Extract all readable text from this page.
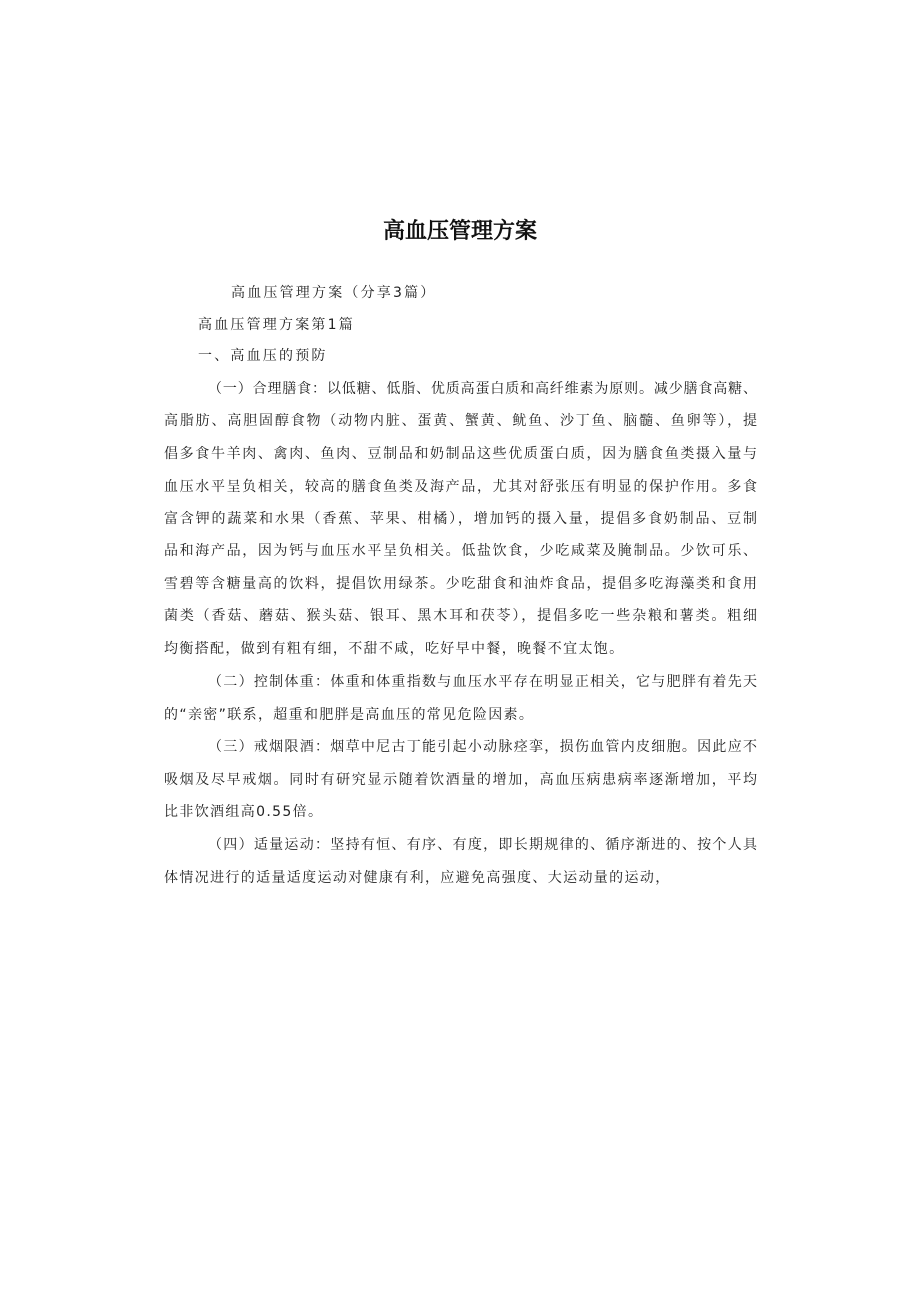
高血压管理方案
高血压管理方案（分享3篇）
高血压管理方案第1篇
一、高血压的预防
（一）合理膳食：以低糖、低脂、优质高蛋白质和高纤维素为原则。减少膳食高糖、
高脂肪、高胆固醇食物（动物内脏、蛋黄、蟹黄、鱿鱼、沙丁鱼、脑髓、鱼卵等），提
倡多食牛羊肉、禽肉、鱼肉、豆制品和奶制品这些优质蛋白质，因为膳食鱼类摄入量与
血压水平呈负相关，较高的膳食鱼类及海产品，尤其对舒张压有明显的保护作用。多食
富含钾的蔬菜和水果（香蕉、苹果、柑橘），增加钙的摄入量，提倡多食奶制品、豆制
品和海产品，因为钙与血压水平呈负相关。低盐饮食，少吃咸菜及腌制品。少饮可乐、
雪碧等含糖量高的饮料，提倡饮用绿茶。少吃甜食和油炸食品，提倡多吃海藻类和食用
菌类（香菇、蘑菇、猴头菇、银耳、黑木耳和茯苓），提倡多吃一些杂粮和薯类。粗细
均衡搭配，做到有粗有细，不甜不咸，吃好早中餐，晚餐不宜太饱。
（二）控制体重：体重和体重指数与血压水平存在明显正相关，它与肥胖有着先天
的“亲密”联系，超重和肥胖是高血压的常见危险因素。
（三）戒烟限酒：烟草中尼古丁能引起小动脉痉挛，损伤血管内皮细胞。因此应不
吸烟及尽早戒烟。同时有研究显示随着饮酒量的增加，高血压病患病率逐渐增加，平均
比非饮酒组高0.55倍。
（四）适量运动：坚持有恒、有序、有度，即长期规律的、循序渐进的、按个人具
体情况进行的适量适度运动对健康有利，应避免高强度、大运动量的运动，
